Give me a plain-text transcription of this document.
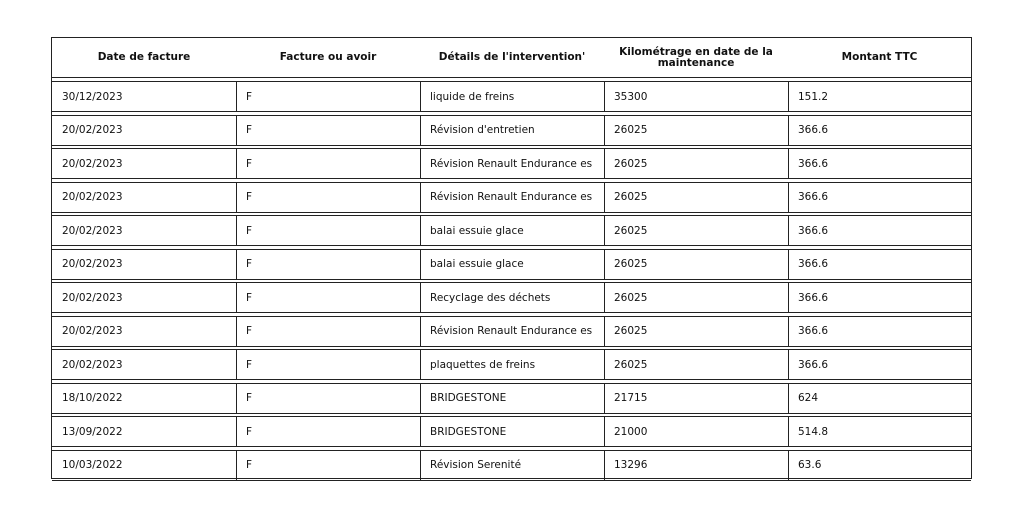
Date de facture	Facture ou avoir	Détails de l'intervention'	Kilométrage en date de la maintenance	Montant TTC
30/12/2023	F	liquide de freins	35300	151.2
20/02/2023	F	Révision d'entretien	26025	366.6
20/02/2023	F	Révision Renault Endurance es	26025	366.6
20/02/2023	F	Révision Renault Endurance es	26025	366.6
20/02/2023	F	balai essuie glace	26025	366.6
20/02/2023	F	balai essuie glace	26025	366.6
20/02/2023	F	Recyclage des déchets	26025	366.6
20/02/2023	F	Révision Renault Endurance es	26025	366.6
20/02/2023	F	plaquettes de freins	26025	366.6
18/10/2022	F	BRIDGESTONE	21715	624
13/09/2022	F	BRIDGESTONE	21000	514.8
10/03/2022	F	Révision Serenité	13296	63.6
